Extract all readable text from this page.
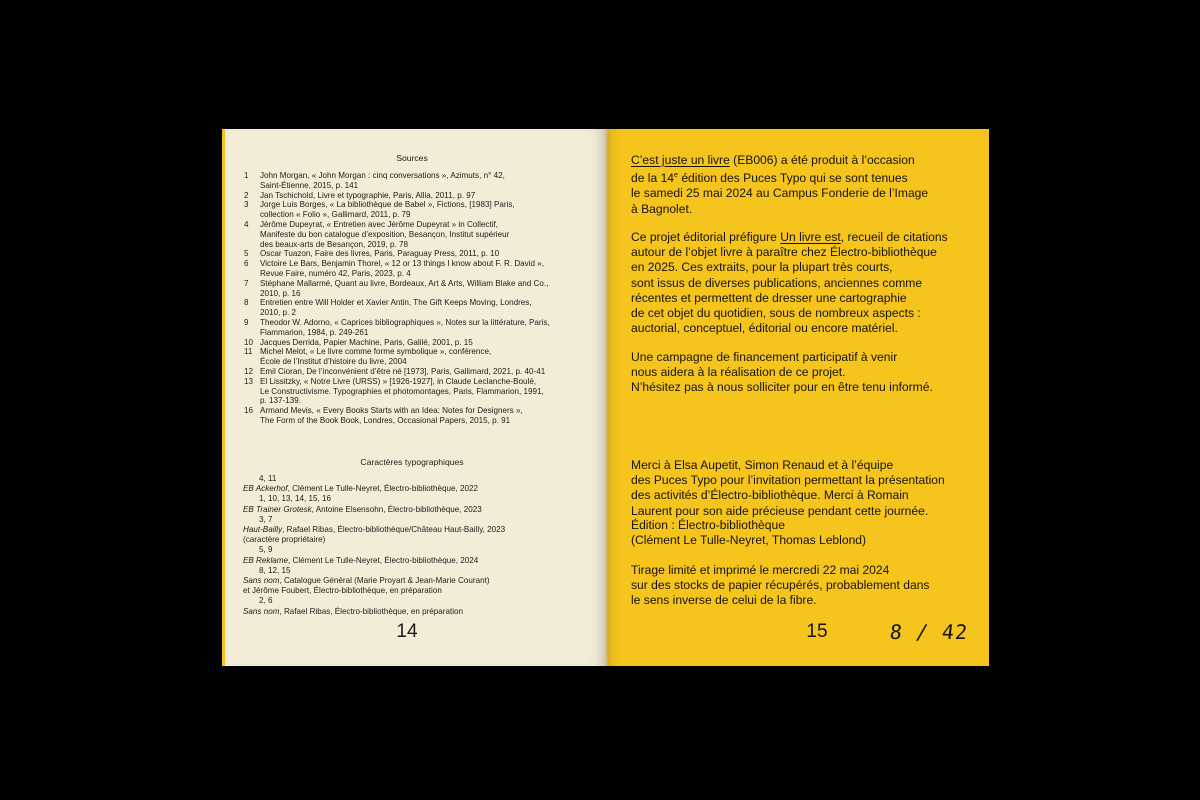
Sources
1	John Morgan, « John Morgan : cinq conversations », Azimuts, n° 42,
Saint-Étienne, 2015, p. 141
2	Jan Tschichold, Livre et typographie, Paris, Allia, 2011, p. 97
3	Jorge Luis Borges, « La bibliothèque de Babel », Fictions, [1983] Paris,
collection « Folio », Gallimard, 2011, p. 79
4	Jérôme Dupeyrat, « Entretien avec Jérôme Dupeyrat » in Collectif,
Manifeste du bon catalogue d’exposition, Besançon, Institut supérieur
des beaux-arts de Besançon, 2019, p. 78
5	Oscar Tuazon, Faire des livres, Paris, Paraguay Press, 2011, p. 10
6	Victoire Le Bars, Benjamin Thorel, « 12 or 13 things I know about F. R. David »,
Revue Faire, numéro 42, Paris, 2023, p. 4
7	Stéphane Mallarmé, Quant au livre, Bordeaux, Art & Arts, William Blake and Co.,
2010, p. 16
8	Entretien entre Will Holder et Xavier Antin, The Gift Keeps Moving, Londres,
2010, p. 2
9	Theodor W. Adorno, « Caprices bibliographiques », Notes sur la littérature, Paris,
Flammarion, 1984, p. 249-261
10 Jacques Derrida, Papier Machine, Paris, Galilé, 2001, p. 15
11 Michel Melot, « Le livre comme forme symbolique », conférence,
École de l’Institut d’histoire du livre, 2004
12 Emil Cioran, De l’inconvénient d’être né [1973], Paris, Gallimard, 2021, p. 40-41
13 El Lissitzky, « Notre Livre (URSS) » [1926-1927], in Claude Leclanche-Boulé,
Le Constructivisme. Typographies et photomontages, Paris, Flammarion, 1991,
p. 137-139.
16 Armand Mevis, « Every Books Starts with an Idea: Notes for Designers »,
The Form of the Book Book, Londres, Occasional Papers, 2015, p. 91
Caractères typographiques
4, 11
EB Ackerhof, Clément Le Tulle-Neyret, Électro-bibliothèque, 2022
1, 10, 13, 14, 15, 16
EB Trainer Grotesk, Antoine Elsensohn, Électro-bibliothèque, 2023
3, 7
Haut-Bailly, Rafael Ribas, Électro-bibliothèque/Château Haut-Bailly, 2023
(caractère propriétaire)
5, 9
EB Reklame, Clément Le Tulle-Neyret, Électro-bibliothèque, 2024
8, 12, 15
Sans nom, Catalogue Général (Marie Proyart & Jean-Marie Courant)
et Jérôme Foubert, Électro-bibliothèque, en préparation
2, 6
Sans nom, Rafael Ribas, Électro-bibliothèque, en préparation
14

C’est juste un livre (EB006) a été produit à l’occasion

de la 14e édition des Puces Typo qui se sont tenues

le samedi 25 mai 2024 au Campus Fonderie de l’Image

à Bagnolet.

Ce projet éditorial préfigure Un livre est, recueil de citations

autour de l’objet livre à paraître chez Électro-bibliothèque

en 2025. Ces extraits, pour la plupart très courts,

sont issus de diverses publications, anciennes comme

récentes et permettent de dresser une cartographie

de cet objet du quotidien, sous de nombreux aspects :

auctorial, conceptuel, éditorial ou encore matériel.

Une campagne de financement participatif à venir

nous aidera à la réalisation de ce projet.

N’hésitez pas à nous solliciter pour en être tenu informé.

Merci à Elsa Aupetit, Simon Renaud et à l’équipe

des Puces Typo pour l’invitation permettant la présentation

des activités d’Électro-bibliothèque. Merci à Romain

Laurent pour son aide précieuse pendant cette journée.

Édition : Électro-bibliothèque

(Clément Le Tulle-Neyret, Thomas Leblond)

Tirage limité et imprimé le mercredi 22 mai 2024

sur des stocks de papier récupérés, probablement dans

le sens inverse de celui de la fibre.

15	8 / 42
